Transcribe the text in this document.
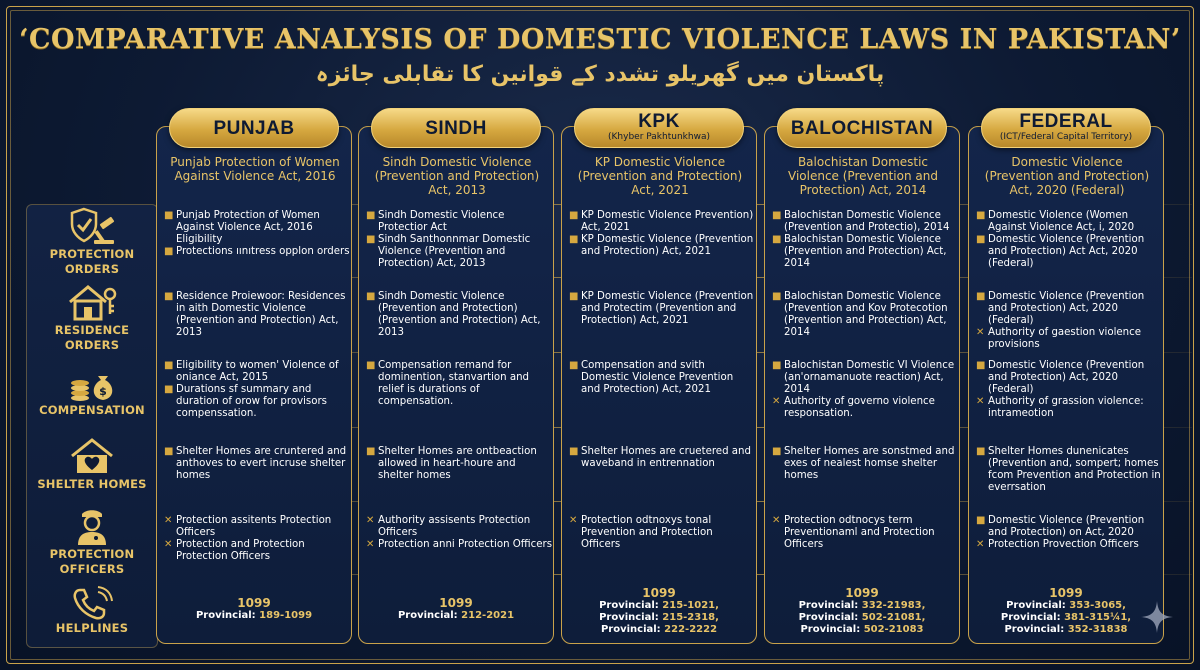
‘COMPARATIVE ANALYSIS OF DOMESTIC VIOLENCE LAWS IN PAKISTAN’
پاکستان میں گھریلو تشدد کے قوانین کا تقابلی جائزہ
PROTECTION
ORDERS
RESIDENCE
ORDERS
$
COMPENSATION
SHELTER HOMES
PROTECTION
OFFICERS
HELPLINES
Punjab Protection of Women Against Violence Act, 2016
PUNJAB
■ Punjab Protection of Women Against Violence Act, 2016 Eligibility
■ Protections ıınıtress opplon orders
■ Residence Proiewoor: Residences in aith Domestic Violence (Prevention and Protection) Act, 2013
■ Eligibility to women' Violence of oniance Act, 2015
■ Durations sf summary and duration of orow for provisors compenssation.
■ Shelter Homes are cruntered and anthoves to evert incruse shelter homes
✕ Protection assitents Protection Officers
✕ Protection and Protection Protection Officers
1099
Provincial: 189-1099
Sindh Domestic Violence (Prevention and Protection) Act, 2013
SINDH
■ Sindh Domestic Violence Protectior Act
■ Sindh Santhonnmar Domestic Violence (Prevention and Protection) Act, 2013
■ Sindh Domestic Violence (Prevention and Protection) (Prevention and Protection) Act, 2013
■ Compensation remand for dominention, stanvartion and relief is durations of compensation.
■ Shelter Homes are ontbeaction allowed in heart-houre and shelter homes
✕ Authority assisents Protection Officers
✕ Protection anni Protection Officers
1099
Provincial: 212-2021
KP Domestic Violence (Prevention and Protection) Act, 2021
KPK
(Khyber Pakhtunkhwa)
■ KP Domestic Violence Prevention) Act, 2021
■ KP Domestic Violence (Prevention and Protection) Act, 2021
■ KP Domestic Violence (Prevention and Protectim (Prevention and Protection) Act, 2021
■ Compensation and svith Domestic Violence Prevention and Protection) Act, 2021
■ Shelter Homes are cruetered and waveband in entrennation
✕ Protection odtnoxys tonal Prevention and Protection Officers
1099
Provincial: 215-1021,
Provincial: 215-2318,
Provincial: 222-2222
Balochistan Domestic Violence (Prevention and Protection) Act, 2014
BALOCHISTAN
■ Balochistan Domestic Violence (Prevention and Protectio), 2014
■ Balochistan Domestic Violence (Prevention and Protection) Act, 2014
■ Balochistan Domestic Violence (Prevention and Kov Protecotion (Prevention and Protection) Act, 2014
■ Balochistan Domestic VI Violence (an'ornamanuote reaction) Act, 2014
✕ Authority of governo violence responsation.
■ Shelter Homes are sonstmed and exes of nealest homse shelter homes
✕ Protection odtnocys term Preventionaml and Protection Officers
1099
Provincial: 332-21983,
Provincial: 502-21081,
Provincial: 502-21083
Domestic Violence (Prevention and Protection) Act, 2020 (Federal)
FEDERAL
(ICT/Federal Capital Territory)
■ Domestic Violence (Women Against Violence Act, i, 2020
■ Domestic Violence (Prevention and Protection) Act Act, 2020 (Federal)
■ Domestic Violence (Prevention and Protection) Act, 2020 (Federal)
✕ Authority of gaestion violence provisions
■ Domestic Violence (Prevention and Protection) Act, 2020 (Federal)
✕ Authority of grassion violence: intrameotion
■ Shelter Homes dunenicates (Prevention and, sompert; homes fcom Prevention and Protection in everrsation
■ Domestic Violence (Prevention and Protection) on Act, 2020
✕ Protection Provection Officers
1099
Provincial: 353-3065,
Provincial: 381-315¼1,
Provincial: 352-31838
